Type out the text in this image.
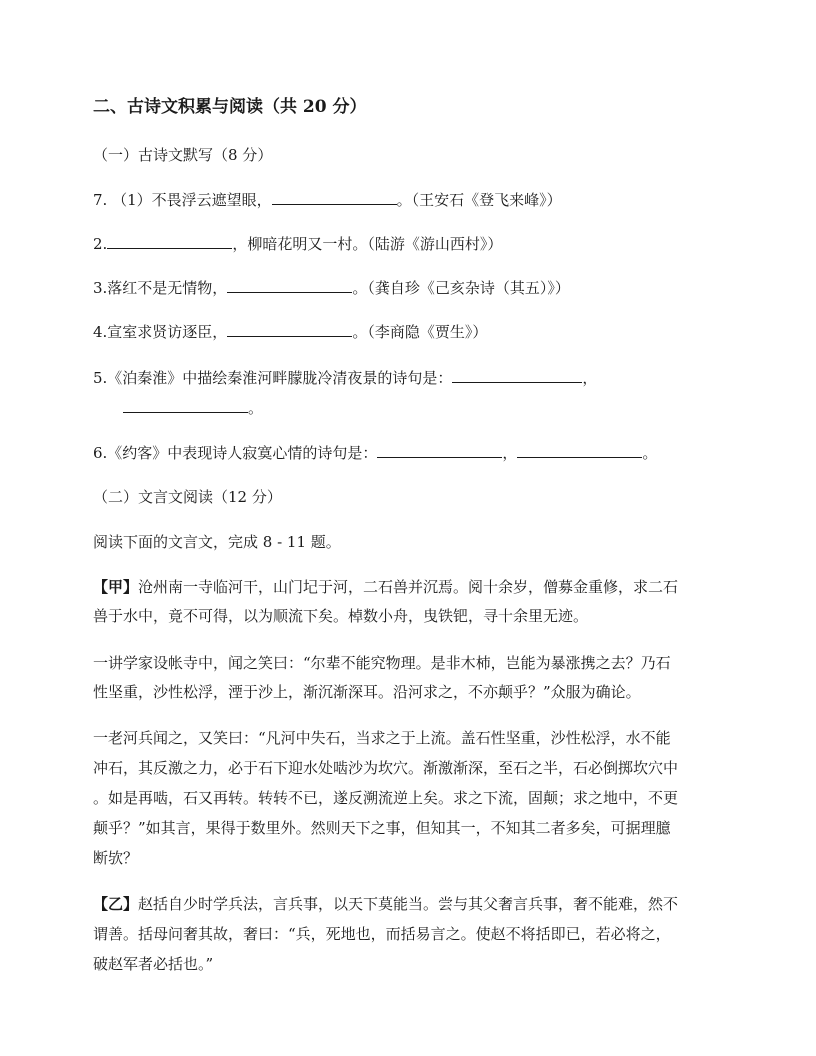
二、古诗文积累与阅读（共 20 分）
（一）古诗文默写（8 分）
7. （1）不畏浮云遮望眼，	。（王安石《登飞来峰》）
2.	，柳暗花明又一村。（陆游《游山西村》）
3.落红不是无情物，	。（龚自珍《己亥杂诗（其五）》）
4.宣室求贤访逐臣，	。（李商隐《贾生》）
5.《泊秦淮》中描绘秦淮河畔朦胧冷清夜景的诗句是：	，
。
6.《约客》中表现诗人寂寞心情的诗句是：	，	。
（二）文言文阅读（12 分）
阅读下面的文言文，完成 8 - 11 题。
【甲】沧州南一寺临河干，山门圮于河，二石兽并沉焉。阅十余岁，僧募金重修，求二石
兽于水中，竟不可得，以为顺流下矣。棹数小舟，曳铁钯，寻十余里无迹。
一讲学家设帐寺中，闻之笑曰：“尔辈不能究物理。是非木杮，岂能为暴涨携之去？乃石
性坚重，沙性松浮，湮于沙上，渐沉渐深耳。沿河求之，不亦颠乎？”众服为确论。
一老河兵闻之，又笑曰：“凡河中失石，当求之于上流。盖石性坚重，沙性松浮，水不能
冲石，其反激之力，必于石下迎水处啮沙为坎穴。渐激渐深，至石之半，石必倒掷坎穴中
。如是再啮，石又再转。转转不已，遂反溯流逆上矣。求之下流，固颠；求之地中，不更
颠乎？”如其言，果得于数里外。然则天下之事，但知其一，不知其二者多矣，可据理臆
断欤？
【乙】赵括自少时学兵法，言兵事，以天下莫能当。尝与其父奢言兵事，奢不能难，然不
谓善。括母问奢其故，奢曰：“兵，死地也，而括易言之。使赵不将括即已，若必将之，
破赵军者必括也。”
